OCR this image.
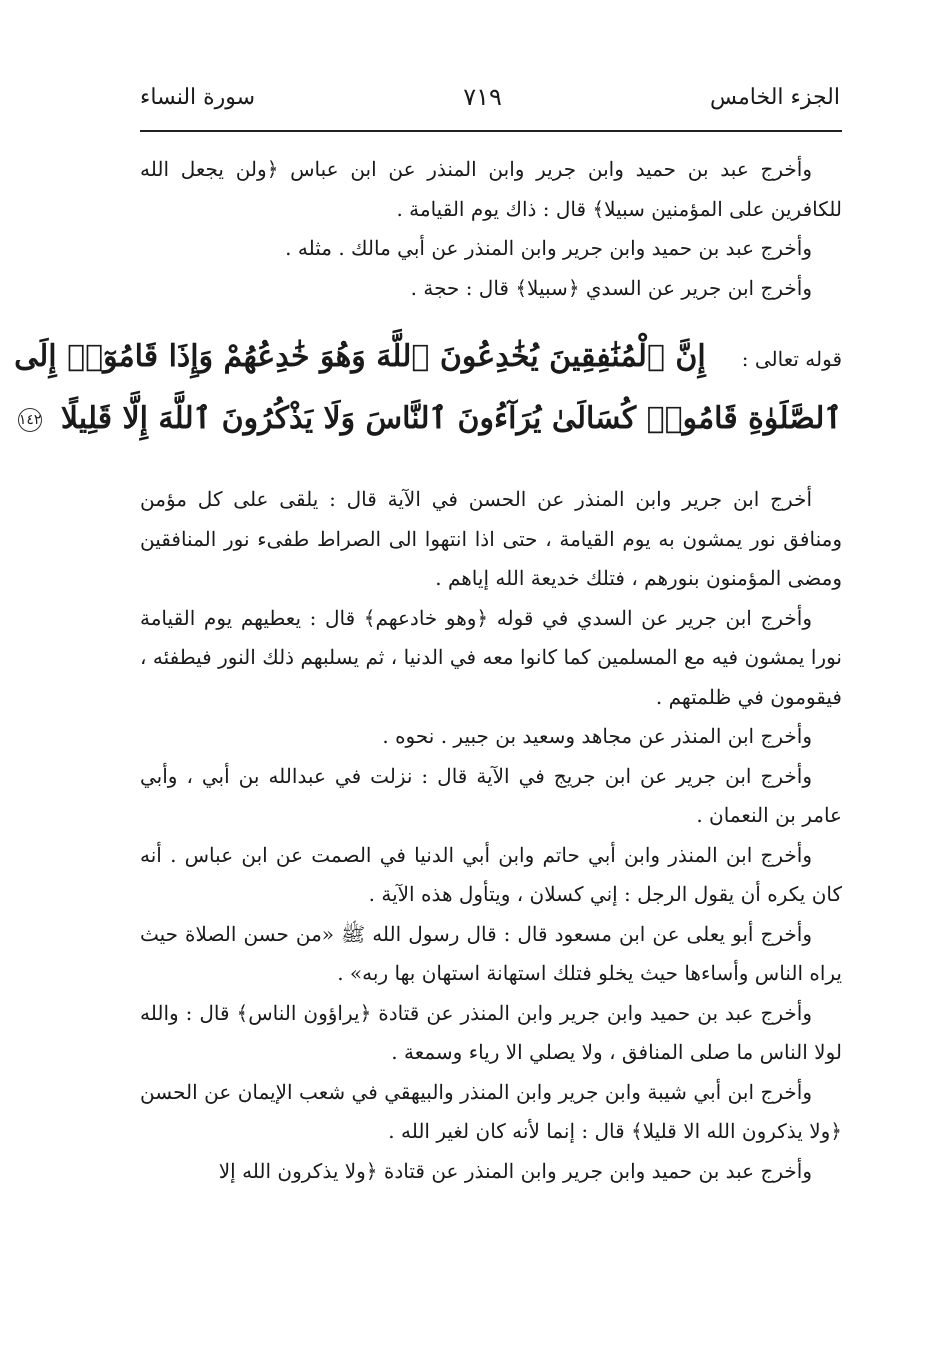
الجزء الخامس
٧١٩
سورة النساء

وأخرج عبد بن حميد وابن جرير وابن المنذر عن ابن عباس ﴿ولن يجعل الله للكافرين على المؤمنين سبيلا﴾ قال : ذاك يوم القيامة .

وأخرج عبد بن حميد وابن جرير وابن المنذر عن أبي مالك . مثله .

وأخرج ابن جرير عن السدي ﴿سبيلا﴾ قال : حجة .

قوله تعالى :
إِنَّ ٱلْمُنَٰفِقِينَ يُخَٰدِعُونَ ٱللَّهَ وَهُوَ خَٰدِعُهُمْ وَإِذَا قَامُوٓا۟ إِلَى
ٱلصَّلَوٰةِ قَامُوا۟ كُسَالَىٰ يُرَآءُونَ ٱلنَّاسَ وَلَا يَذْكُرُونَ ٱللَّهَ إِلَّا قَلِيلًا ١٤٢

أخرج ابن جرير وابن المنذر عن الحسن في الآية قال : يلقى على كل مؤمن ومنافق نور يمشون به يوم القيامة ، حتى اذا انتهوا الى الصراط طفىء نور المنافقين ومضى المؤمنون بنورهم ، فتلك خديعة الله إياهم .

وأخرج ابن جرير عن السدي في قوله ﴿وهو خادعهم﴾ قال : يعطيهم يوم القيامة نورا يمشون فيه مع المسلمين كما كانوا معه في الدنيا ، ثم يسلبهم ذلك النور فيطفئه ، فيقومون في ظلمتهم .

وأخرج ابن المنذر عن مجاهد وسعيد بن جبير . نحوه .

وأخرج ابن جرير عن ابن جريج في الآية قال : نزلت في عبدالله بن أبي ، وأبي عامر بن النعمان .

وأخرج ابن المنذر وابن أبي حاتم وابن أبي الدنيا في الصمت عن ابن عباس . أنه كان يكره أن يقول الرجل : إني كسلان ، ويتأول هذه الآية .

وأخرج أبو يعلى عن ابن مسعود قال : قال رسول الله ﷺ «من حسن الصلاة حيث يراه الناس وأساءها حيث يخلو فتلك استهانة استهان بها ربه» .

وأخرج عبد بن حميد وابن جرير وابن المنذر عن قتادة ﴿يراؤون الناس﴾ قال : والله لولا الناس ما صلى المنافق ، ولا يصلي الا رياء وسمعة .

وأخرج ابن أبي شيبة وابن جرير وابن المنذر والبيهقي في شعب الإيمان عن الحسن ﴿ولا يذكرون الله الا قليلا﴾ قال : إنما لأنه كان لغير الله .

وأخرج عبد بن حميد وابن جرير وابن المنذر عن قتادة ﴿ولا يذكرون الله إلا
